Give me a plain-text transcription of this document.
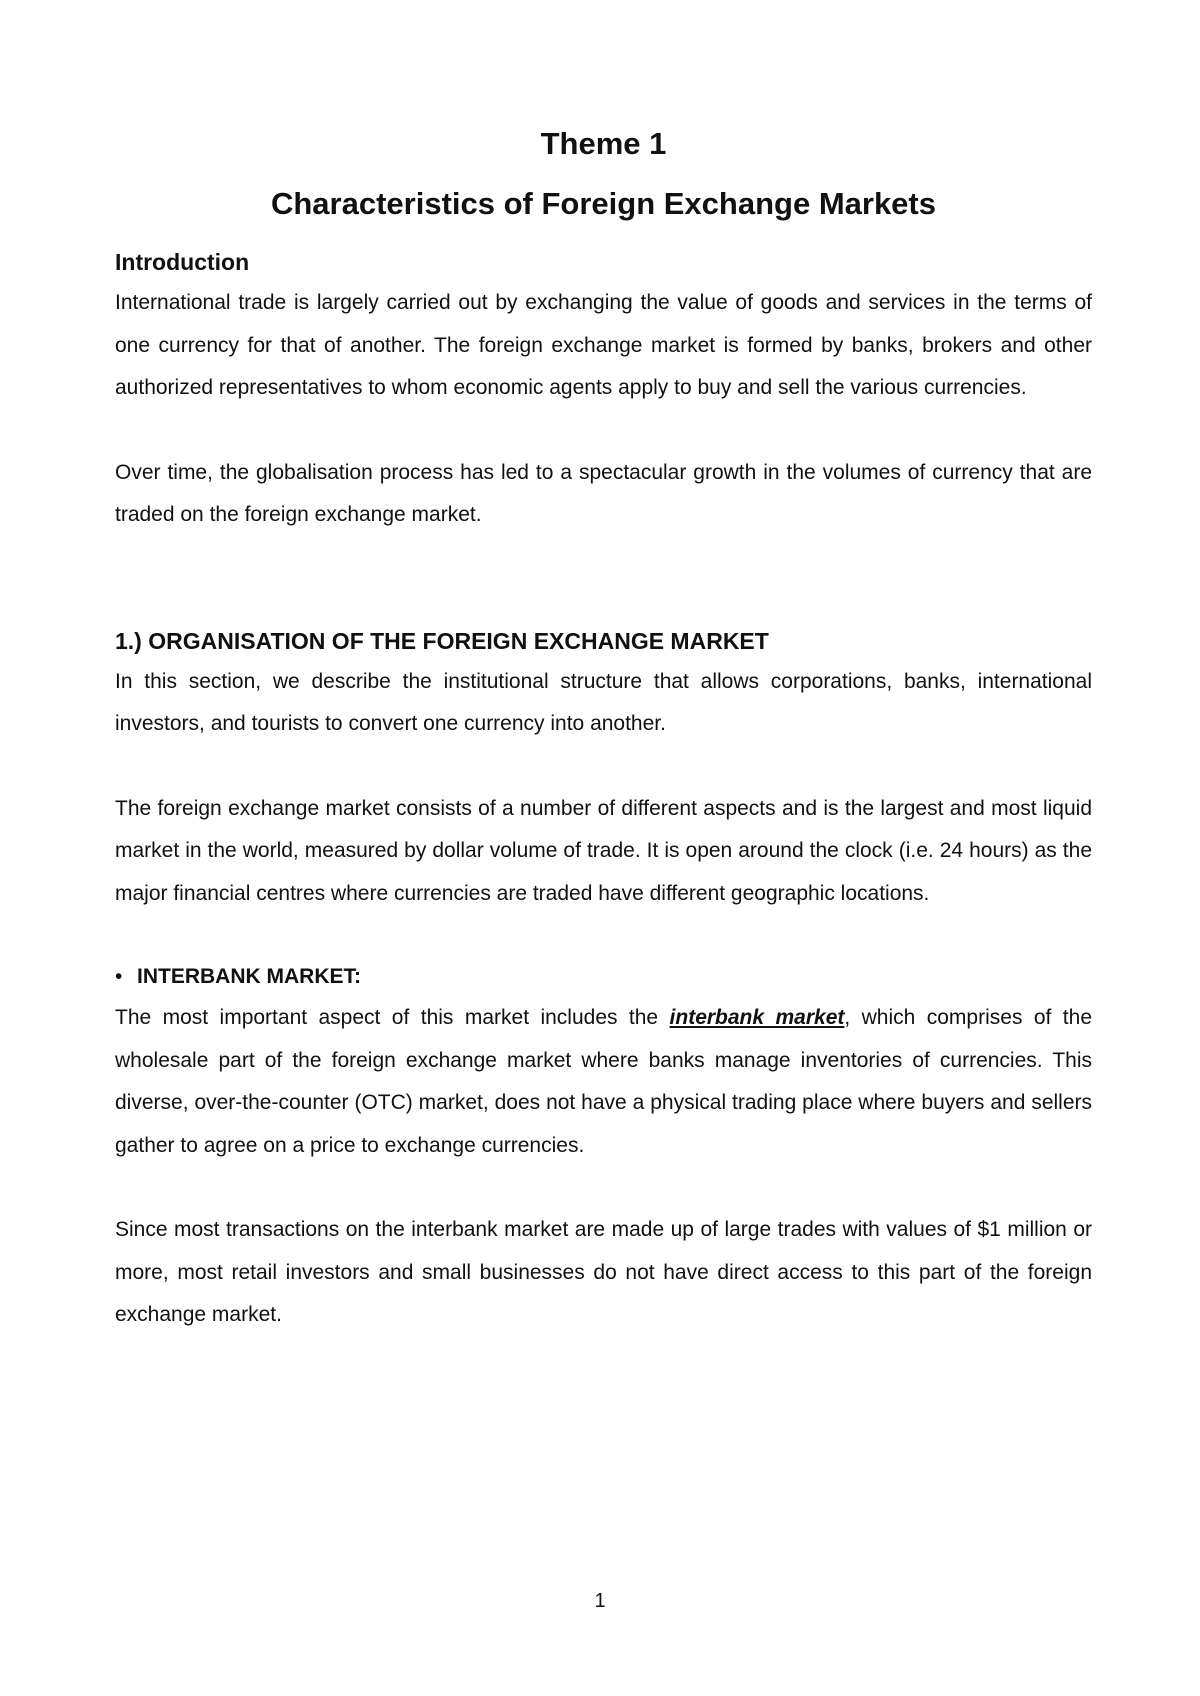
Theme 1
Characteristics of Foreign Exchange Markets
Introduction

International trade is largely carried out by exchanging the value of goods and services in the terms of one currency for that of another. The foreign exchange market is formed by banks, brokers and other authorized representatives to whom economic agents apply to buy and sell the various currencies.

Over time, the globalisation process has led to a spectacular growth in the volumes of currency that are traded on the foreign exchange market.

1.) ORGANISATION OF THE FOREIGN EXCHANGE MARKET

In this section, we describe the institutional structure that allows corporations, banks, international investors, and tourists to convert one currency into another.

The foreign exchange market consists of a number of different aspects and is the largest and most liquid market in the world, measured by dollar volume of trade. It is open around the clock (i.e. 24 hours) as the major financial centres where currencies are traded have different geographic locations.

• INTERBANK MARKET:

The most important aspect of this market includes the interbank market, which comprises of the wholesale part of the foreign exchange market where banks manage inventories of currencies. This diverse, over-the-counter (OTC) market, does not have a physical trading place where buyers and sellers gather to agree on a price to exchange currencies.

Since most transactions on the interbank market are made up of large trades with values of $1 million or more, most retail investors and small businesses do not have direct access to this part of the foreign exchange market.

1
